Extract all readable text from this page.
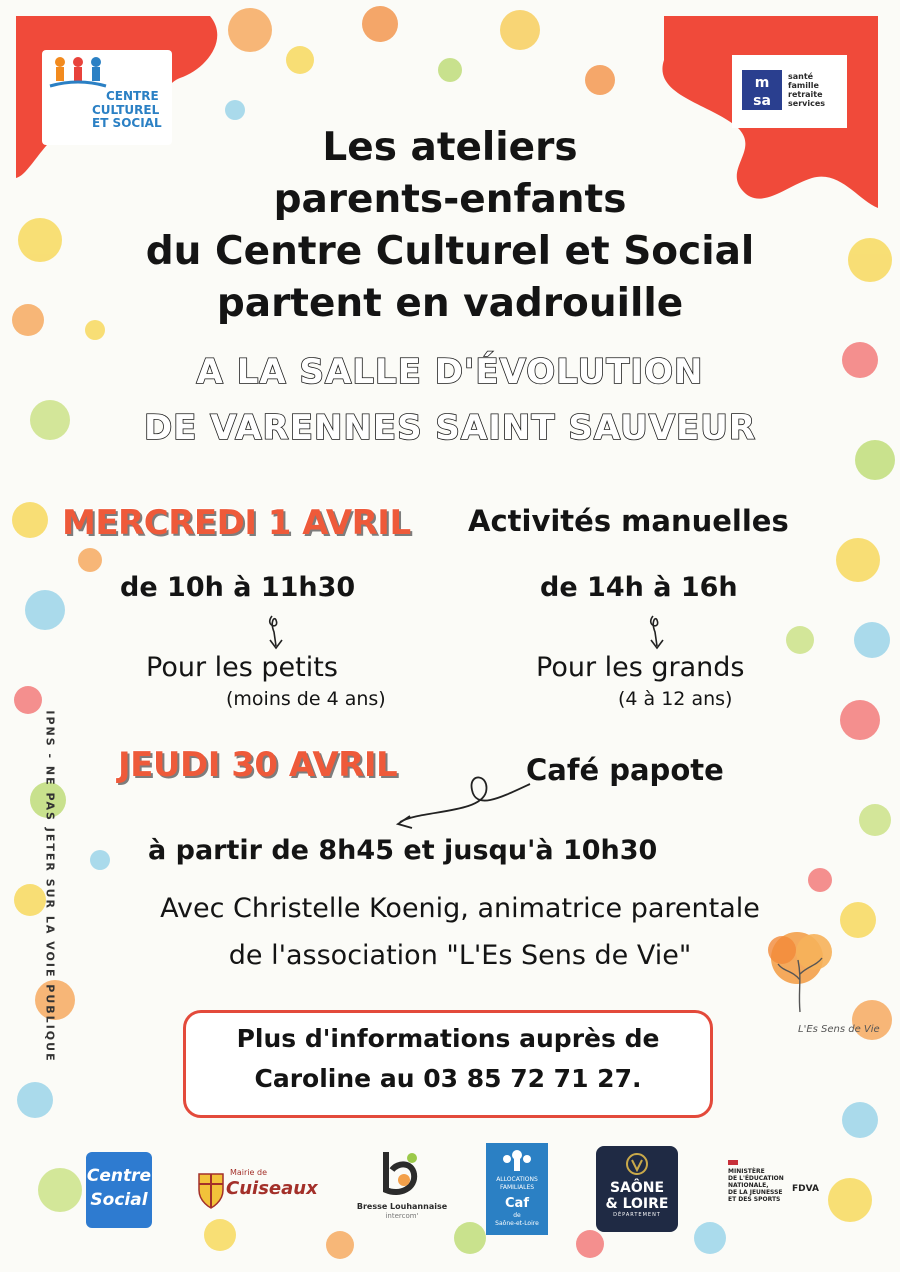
CENTRE
CULTUREL
ET SOCIAL
m
sa
santé
famille
retraite
services
Les ateliers
parents-enfants
du Centre Culturel et Social
partent en vadrouille
A LA SALLE D'ÉVOLUTION
DE VARENNES SAINT SAUVEUR
MERCREDI 1 AVRIL Activités manuelles
de 10h à 11h30	de 14h à 16h
Pour les petits
(moins de 4 ans)
Pour les grands
(4 à 12 ans)
JEUDI 30 AVRIL	Café papote
à partir de 8h45 et jusqu'à 10h30
Avec Christelle Koenig, animatrice parentale
de l'association "L'Es Sens de Vie"
L'Es Sens de Vie
Plus d'informations auprès de
Caroline au 03 85 72 71 27.
IPNS - NE PAS JETER SUR LA VOIE PUBLIQUE
Centre
Social
Mairie de
Cuiseaux
Bresse Louhannaise
intercom'
ALLOCATIONS
FAMILIALES
Caf
de
Saône-et-Loire
SAÔNE
& LOIRE
DÉPARTEMENT
MINISTÈRE
DE L'ÉDUCATION
NATIONALE,
DE LA JEUNESSE
ET DES SPORTS
FDVA
